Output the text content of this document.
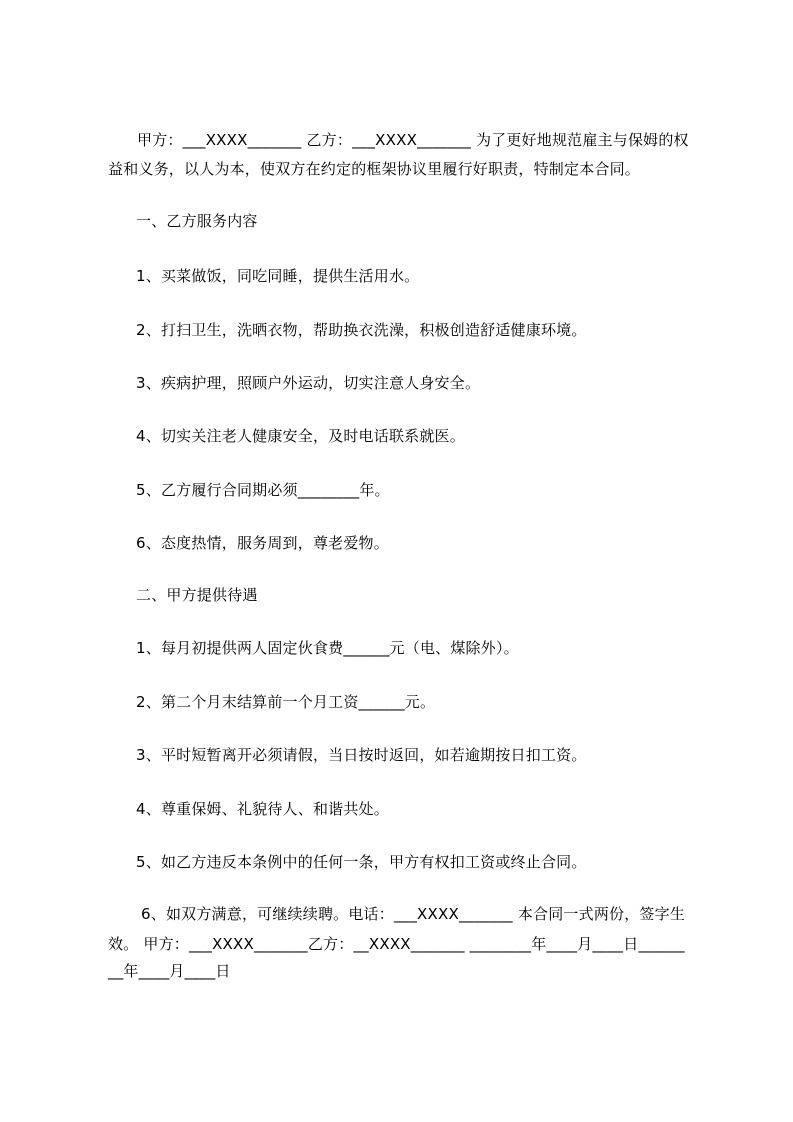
甲方：___XXXX_______ 乙方：___XXXX_______ 为了更好地规范雇主与保姆的权
益和义务，以人为本，使双方在约定的框架协议里履行好职责，特制定本合同。
一、乙方服务内容
1、买菜做饭，同吃同睡，提供生活用水。
2、打扫卫生，洗晒衣物，帮助换衣洗澡，积极创造舒适健康环境。
3、疾病护理，照顾户外运动，切实注意人身安全。
4、切实关注老人健康安全，及时电话联系就医。
5、乙方履行合同期必须________年。
6、态度热情，服务周到，尊老爱物。
二、甲方提供待遇
1、每月初提供两人固定伙食费______元（电、煤除外）。
2、第二个月末结算前一个月工资______元。
3、平时短暂离开必须请假，当日按时返回，如若逾期按日扣工资。
4、尊重保姆、礼貌待人、和谐共处。
5、如乙方违反本条例中的任何一条，甲方有权扣工资或终止合同。
6、如双方满意，可继续续聘。电话：___XXXX_______ 本合同一式两份，签字生
效。 甲方：___XXXX_______乙方：__XXXX_______ ________年____月____日______
__年____月____日
